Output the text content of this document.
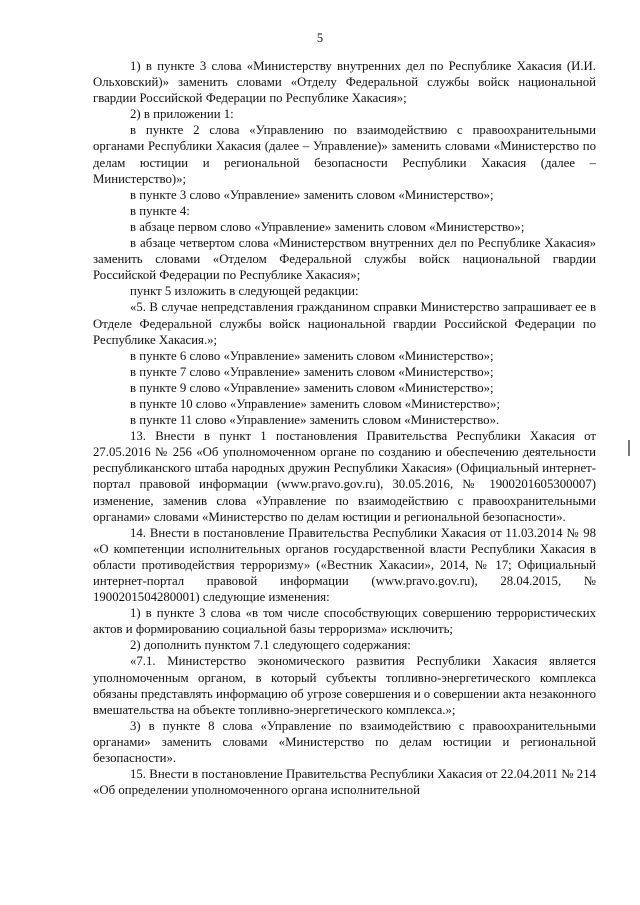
5

1) в пункте 3 слова «Министерству внутренних дел по Республике Хакасия (И.И. Ольховский)» заменить словами «Отделу Федеральной службы войск национальной гвардии Российской Федерации по Республике Хакасия»;

2) в приложении 1:

в пункте 2 слова «Управлению по взаимодействию с правоохранительными органами Республики Хакасия (далее – Управление)» заменить словами «Министерство по делам юстиции и региональной безопасности Республики Хакасия (далее – Министерство)»;

в пункте 3 слово «Управление» заменить словом «Министерство»;

в пункте 4:

в абзаце первом слово «Управление» заменить словом «Министерство»;

в абзаце четвертом слова «Министерством внутренних дел по Республике Хакасия» заменить словами «Отделом Федеральной службы войск национальной гвардии Российской Федерации по Республике Хакасия»;

пункт 5 изложить в следующей редакции:

«5. В случае непредставления гражданином справки Министерство запрашивает ее в Отделе Федеральной службы войск национальной гвардии Российской Федерации по Республике Хакасия.»;

в пункте 6 слово «Управление» заменить словом «Министерство»;

в пункте 7 слово «Управление» заменить словом «Министерство»;

в пункте 9 слово «Управление» заменить словом «Министерство»;

в пункте 10 слово «Управление» заменить словом «Министерство»;

в пункте 11 слово «Управление» заменить словом «Министерство».

13. Внести в пункт 1 постановления Правительства Республики Хакасия от 27.05.2016 № 256 «Об уполномоченном органе по созданию и обеспечению деятельности республиканского штаба народных дружин Республики Хакасия» (Официальный интернет-портал правовой информации (www.pravo.gov.ru), 30.05.2016, № 1900201605300007) изменение, заменив слова «Управление по взаимодействию с правоохранительными органами» словами «Министерство по делам юстиции и региональной безопасности».

14. Внести в постановление Правительства Республики Хакасия от 11.03.2014 № 98 «О компетенции исполнительных органов государственной власти Республики Хакасия в области противодействия терроризму» («Вестник Хакасии», 2014, № 17; Официальный интернет-портал правовой информации (www.pravo.gov.ru), 28.04.2015, № 1900201504280001) следующие изменения:

1) в пункте 3 слова «в том числе способствующих совершению террористических актов и формированию социальной базы терроризма» исключить;

2) дополнить пунктом 7.1 следующего содержания:

«7.1. Министерство экономического развития Республики Хакасия является уполномоченным органом, в который субъекты топливно-энергетического комплекса обязаны представлять информацию об угрозе совершения и о совершении акта незаконного вмешательства на объекте топливно-энергетического комплекса.»;

3) в пункте 8 слова «Управление по взаимодействию с правоохранительными органами» заменить словами «Министерство по делам юстиции и региональной безопасности».

15. Внести в постановление Правительства Республики Хакасия от 22.04.2011 № 214 «Об определении уполномоченного органа исполнительной
